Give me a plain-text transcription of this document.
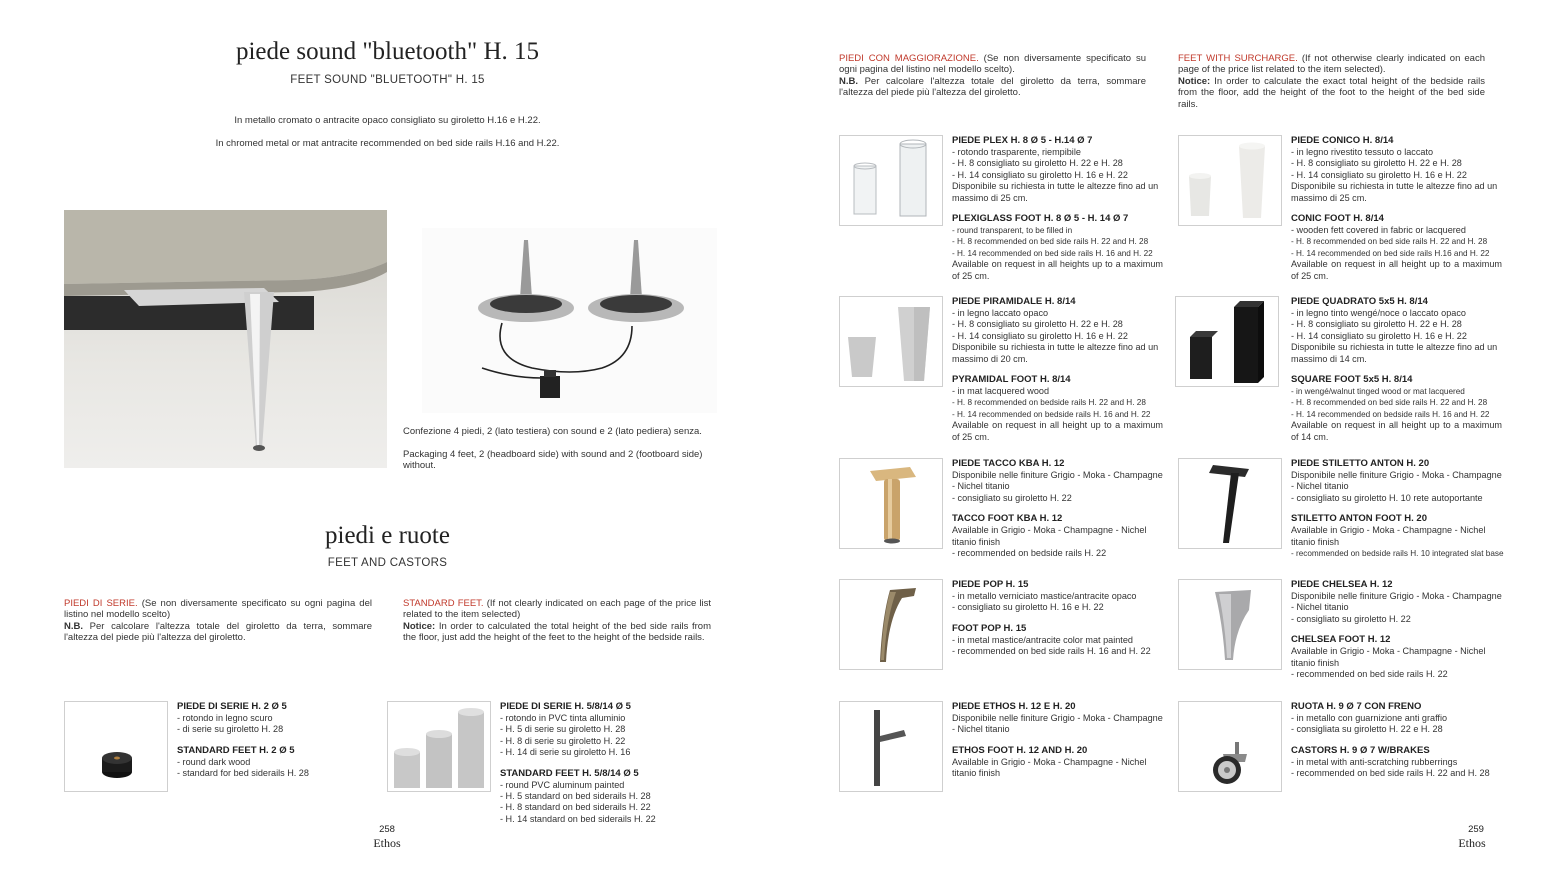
piede sound "bluetooth" H. 15
FEET SOUND "BLUETOOTH" H. 15
In metallo cromato o antracite opaco consigliato su giroletto H.16 e H.22.
In chromed metal or mat antracite recommended on bed side rails H.16 and H.22.
Confezione 4 piedi, 2 (lato testiera) con sound e 2 (lato pediera) senza.
Packaging 4 feet, 2 (headboard side) with sound and 2 (footboard side) without.
piedi e ruote
FEET AND CASTORS
PIEDI DI SERIE. (Se non diversamente specificato su ogni pagina del listino nel modello scelto)
N.B. Per calcolare l'altezza totale del giroletto da terra, sommare l'altezza del piede più l'altezza del giroletto.
STANDARD FEET. (If not clearly indicated on each page of the price list related to the item selected)
Notice: In order to calculated the total height of the bed side rails from the floor, just add the height of the feet to the height of the bedside rails.
PIEDE DI SERIE H. 2 Ø 5
- rotondo in legno scuro
- di serie su giroletto H. 28
STANDARD FEET H. 2 Ø 5
- round dark wood
- standard for bed siderails H. 28
PIEDE DI SERIE H. 5/8/14 Ø 5
- rotondo in PVC tinta alluminio
- H. 5 di serie su giroletto H. 28
- H. 8 di serie su giroletto H. 22
- H. 14 di serie su giroletto H. 16
STANDARD FEET H. 5/8/14 Ø 5
- round PVC aluminum painted
- H. 5 standard on bed siderails H. 28
- H. 8 standard on bed siderails H. 22
- H. 14 standard on bed siderails H. 22
258
Ethos
PIEDI CON MAGGIORAZIONE. (Se non diversamente specificato su ogni pagina del listino nel modello scelto).
N.B. Per calcolare l'altezza totale del giroletto da terra, sommare l'altezza del piede più l'altezza del giroletto.
FEET WITH SURCHARGE. (If not otherwise clearly indicated on each page of the price list related to the item selected).
Notice: In order to calculate the exact total height of the bedside rails from the floor, add the height of the foot to the height of the bed side rails.
PIEDE PLEX H. 8 Ø 5 - H.14 Ø 7
- rotondo trasparente, riempibile
- H. 8 consigliato su giroletto H. 22 e H. 28
- H. 14 consigliato su giroletto H. 16 e H. 22
Disponibile su richiesta in tutte le altezze fino ad un massimo di 25 cm.
PLEXIGLASS FOOT H. 8 Ø 5 - H. 14 Ø 7
- round transparent, to be filled in
- H. 8 recommended on bed side rails H. 22 and H. 28
- H. 14 recommended on bed side rails H. 16 and H. 22
Available on request in all heights up to a maximum of 25 cm.
PIEDE CONICO H. 8/14
- in legno rivestito tessuto o laccato
- H. 8 consigliato su giroletto H. 22 e H. 28
- H. 14 consigliato su giroletto H. 16 e H. 22
Disponibile su richiesta in tutte le altezze fino ad un massimo di 25 cm.
CONIC FOOT H. 8/14
- wooden fett covered in fabric or lacquered
- H. 8 recommended on bed side rails H. 22 and H. 28
- H. 14 recommended on bed side rails H.16 and H. 22
Available on request in all height up to a maximum of 25 cm.
PIEDE PIRAMIDALE H. 8/14
- in legno laccato opaco
- H. 8 consigliato su giroletto H. 22 e H. 28
- H. 14 consigliato su giroletto H. 16 e H. 22
Disponibile su richiesta in tutte le altezze fino ad un massimo di 20 cm.
PYRAMIDAL FOOT H. 8/14
- in mat lacquered wood
- H. 8 recommended on bedside rails H. 22 and H. 28
- H. 14 recommended on bedside rails H. 16 and H. 22
Available on request in all height up to a maximum of 25 cm.
PIEDE QUADRATO 5x5 H. 8/14
- in legno tinto wengé/noce o laccato opaco
- H. 8 consigliato su giroletto H. 22 e H. 28
- H. 14 consigliato su giroletto H. 16 e H. 22
Disponibile su richiesta in tutte le altezze fino ad un massimo di 14 cm.
SQUARE FOOT 5x5 H. 8/14
- in wengé/walnut tinged wood or mat lacquered
- H. 8 recommended on bed side rails H. 22 and H. 28
- H. 14 recommended on bedside rails H. 16 and H. 22
Available on request in all height up to a maximum of 14 cm.
PIEDE TACCO KBA H. 12
Disponibile nelle finiture Grigio - Moka - Champagne - Nichel titanio
- consigliato su giroletto H. 22
TACCO FOOT KBA H. 12
Available in Grigio - Moka - Champagne - Nichel titanio finish
- recommended on bedside rails H. 22
PIEDE STILETTO ANTON H. 20
Disponibile nelle finiture Grigio - Moka - Champagne - Nichel titanio
- consigliato su giroletto H. 10 rete autoportante
STILETTO ANTON FOOT H. 20
Available in Grigio - Moka - Champagne - Nichel titanio finish
- recommended on bedside rails H. 10 integrated slat base
PIEDE POP H. 15
- in metallo verniciato mastice/antracite opaco
- consigliato su giroletto H. 16 e H. 22
FOOT POP H. 15
- in metal mastice/antracite color mat painted
- recommended on bed side rails H. 16 and H. 22
PIEDE CHELSEA H. 12
Disponibile nelle finiture Grigio - Moka - Champagne - Nichel titanio
- consigliato su giroletto H. 22
CHELSEA FOOT H. 12
Available in Grigio - Moka - Champagne - Nichel titanio finish
- recommended on bed side rails H. 22
PIEDE ETHOS H. 12 E H. 20
Disponibile nelle finiture Grigio - Moka - Champagne - Nichel titanio
ETHOS FOOT H. 12 AND H. 20
Available in Grigio - Moka - Champagne - Nichel titanio finish
RUOTA H. 9 Ø 7 CON FRENO
- in metallo con guarnizione anti graffio
- consigliata su giroletto H. 22 e H. 28
CASTORS H. 9 Ø 7 W/BRAKES
- in metal with anti-scratching rubberrings
- recommended on bed side rails H. 22 and H. 28
259
Ethos
